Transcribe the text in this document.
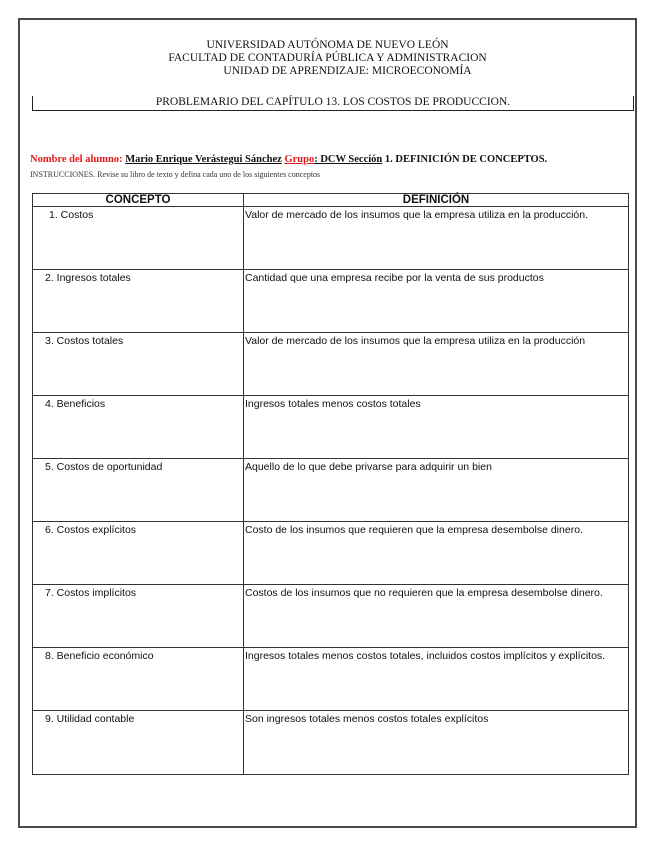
UNIVERSIDAD AUTÓNOMA DE NUEVO LEÓN
FACULTAD DE CONTADURÍA PÚBLICA Y ADMINISTRACION
UNIDAD DE APRENDIZAJE: MICROECONOMÍA
PROBLEMARIO DEL CAPÍTULO 13. LOS COSTOS DE PRODUCCION.
Nombre del alumno: Mario Enrique Verástegui Sánchez Grupo: DCW Sección 1. DEFINICIÓN DE CONCEPTOS.
INSTRUCCIONES. Revise su libro de texto y defina cada uno de los siguientes conceptos
CONCEPTO	DEFINICIÓN
1. Costos	Valor de mercado de los insumos que la empresa utiliza en la producción.
2. Ingresos totales	Cantidad que una empresa recibe por la venta de sus productos
3. Costos totales	Valor de mercado de los insumos que la empresa utiliza en la producción
4. Beneficios	Ingresos totales menos costos totales
5. Costos de oportunidad	Aquello de lo que debe privarse para adquirir un bien
6. Costos explícitos	Costo de los insumos que requieren que la empresa desembolse dinero.
7. Costos implícitos	Costos de los insumos que no requieren que la empresa desembolse dinero.
8. Beneficio económico	Ingresos totales menos costos totales, incluidos costos implícitos y explícitos.
9. Utilidad contable	Son ingresos totales menos costos totales explícitos
